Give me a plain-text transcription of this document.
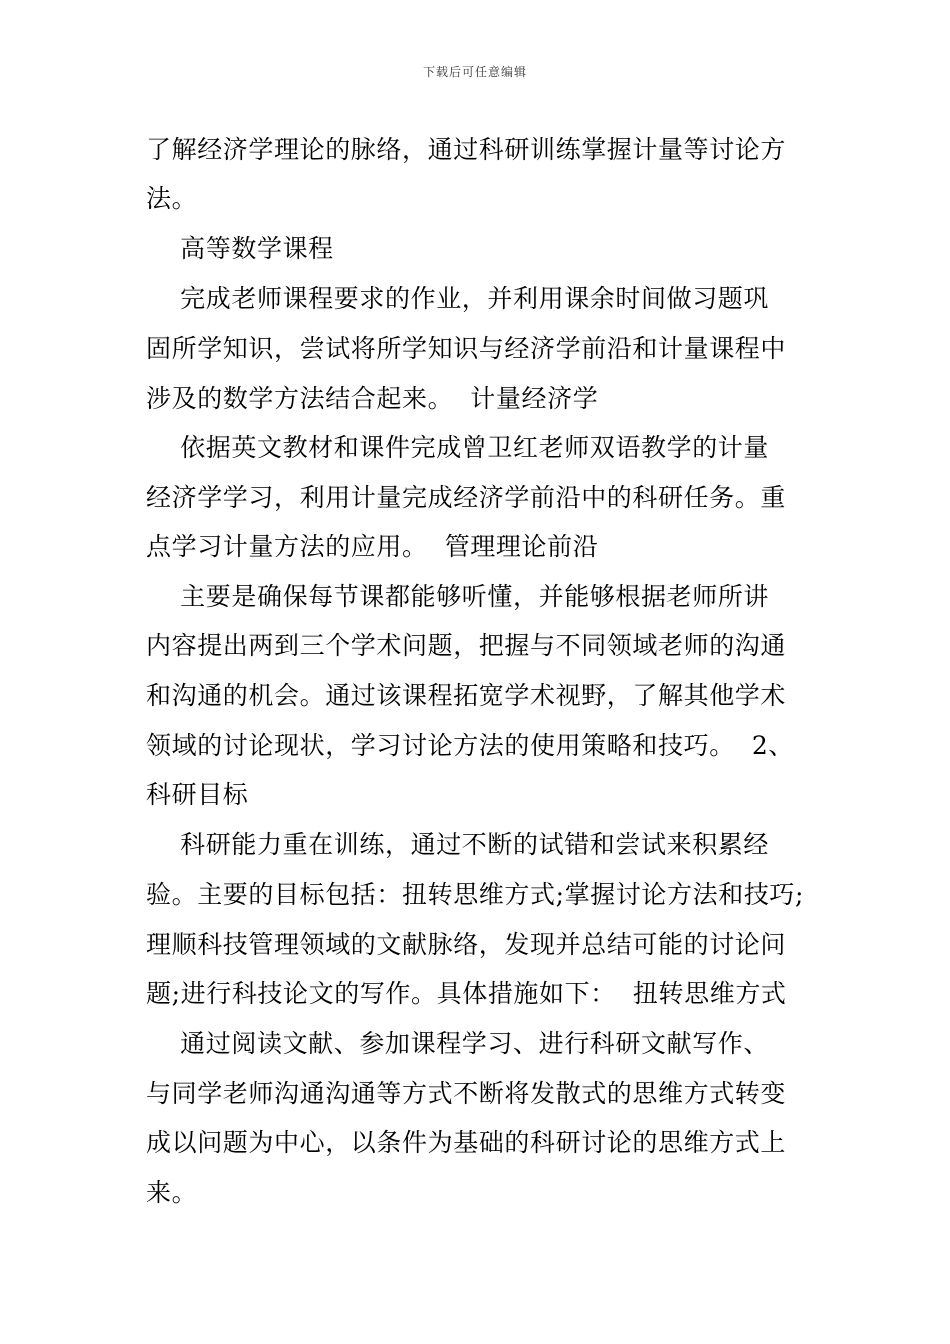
下载后可任意编辑
了解经济学理论的脉络，通过科研训练掌握计量等讨论方
法。
高等数学课程
完成老师课程要求的作业，并利用课余时间做习题巩
固所学知识，尝试将所学知识与经济学前沿和计量课程中
涉及的数学方法结合起来。  计量经济学
依据英文教材和课件完成曾卫红老师双语教学的计量
经济学学习，利用计量完成经济学前沿中的科研任务。重
点学习计量方法的应用。  管理理论前沿
主要是确保每节课都能够听懂，并能够根据老师所讲
内容提出两到三个学术问题，把握与不同领域老师的沟通
和沟通的机会。通过该课程拓宽学术视野，了解其他学术
领域的讨论现状，学习讨论方法的使用策略和技巧。  2、
科研目标
科研能力重在训练，通过不断的试错和尝试来积累经
验。主要的目标包括：扭转思维方式;掌握讨论方法和技巧;
理顺科技管理领域的文献脉络，发现并总结可能的讨论问
题;进行科技论文的写作。具体措施如下：  扭转思维方式
通过阅读文献、参加课程学习、进行科研文献写作、
与同学老师沟通沟通等方式不断将发散式的思维方式转变
成以问题为中心，以条件为基础的科研讨论的思维方式上
来。
